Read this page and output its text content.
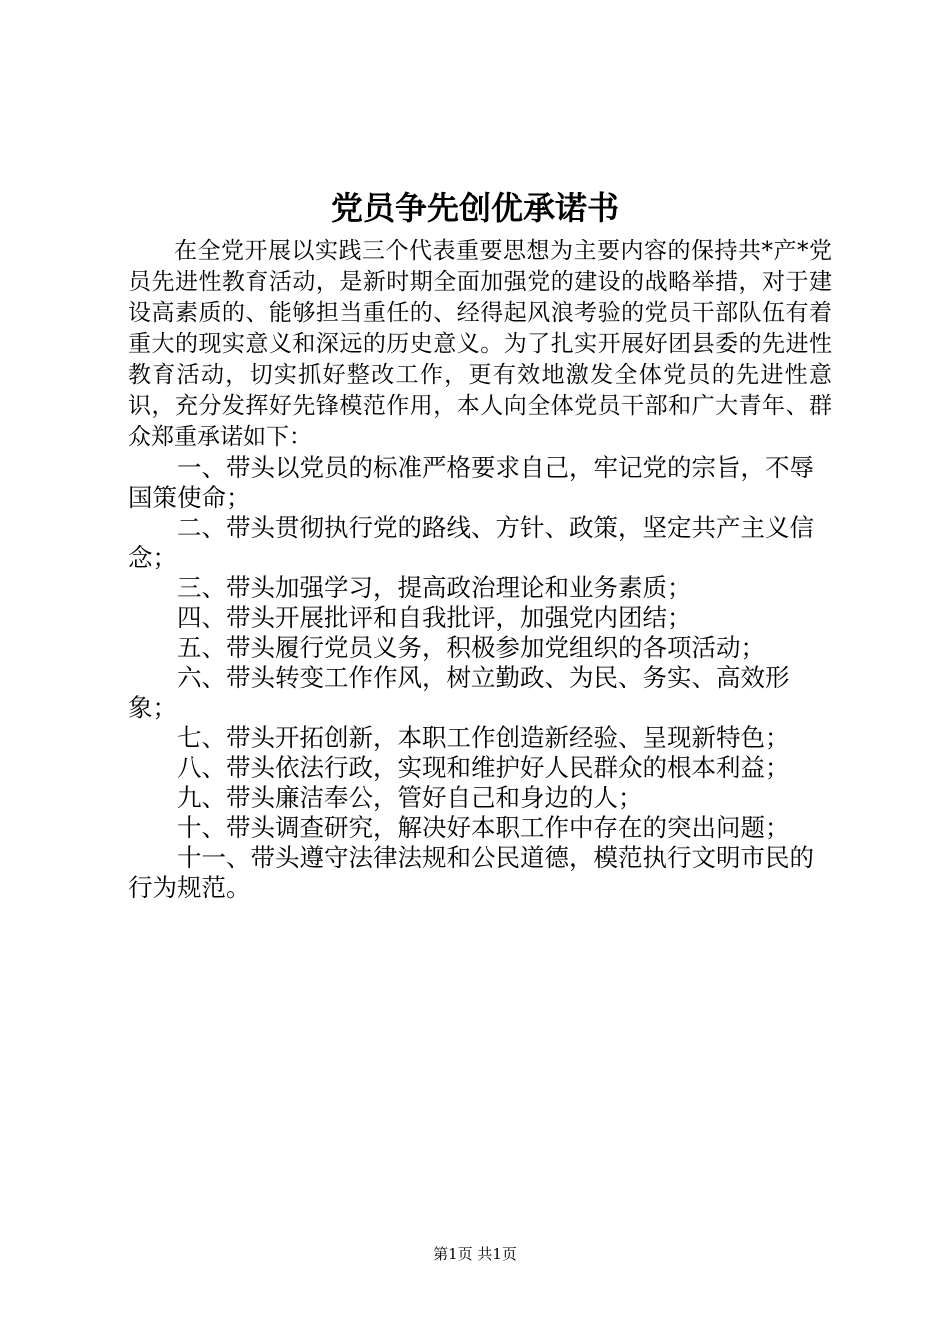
党员争先创优承诺书

在全党开展以实践三个代表重要思想为主要内容的保持共*产*党员先进性教育活动，是新时期全面加强党的建设的战略举措，对于建设高素质的、能够担当重任的、经得起风浪考验的党员干部队伍有着重大的现实意义和深远的历史意义。为了扎实开展好团县委的先进性教育活动，切实抓好整改工作，更有效地激发全体党员的先进性意识，充分发挥好先锋模范作用，本人向全体党员干部和广大青年、群众郑重承诺如下：

一、带头以党员的标准严格要求自己，牢记党的宗旨，不辱国策使命；
二、带头贯彻执行党的路线、方针、政策，坚定共产主义信念；
三、带头加强学习，提高政治理论和业务素质；
四、带头开展批评和自我批评，加强党内团结；
五、带头履行党员义务，积极参加党组织的各项活动；
六、带头转变工作作风，树立勤政、为民、务实、高效形象；
七、带头开拓创新，本职工作创造新经验、呈现新特色；
八、带头依法行政，实现和维护好人民群众的根本利益；
九、带头廉洁奉公，管好自己和身边的人；
十、带头调查研究，解决好本职工作中存在的突出问题；
十一、带头遵守法律法规和公民道德，模范执行文明市民的行为规范。
第1页 共1页
